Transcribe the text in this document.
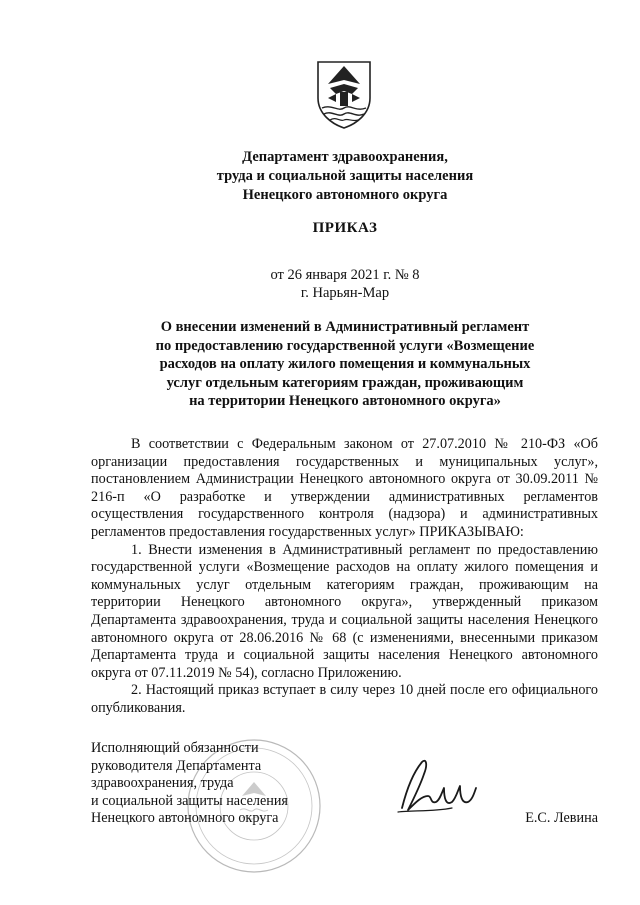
Департамент здравоохранения,
труда и социальной защиты населения
Ненецкого автономного округа
ПРИКАЗ
от 26 января 2021 г. № 8
г. Нарьян-Мар
О внесении изменений в Административный регламент
по предоставлению государственной услуги «Возмещение
расходов на оплату жилого помещения и коммунальных
услуг отдельным категориям граждан, проживающим
на территории Ненецкого автономного округа»

В соответствии с Федеральным законом от 27.07.2010 № 210-ФЗ «Об организации предоставления государственных и муниципальных услуг», постановлением Администрации Ненецкого автономного округа от 30.09.2011 № 216-п «О разработке и утверждении административных регламентов осуществления государственного контроля (надзора) и административных регламентов предоставления государственных услуг» ПРИКАЗЫВАЮ:

1. Внести изменения в Административный регламент по предоставлению государственной услуги «Возмещение расходов на оплату жилого помещения и коммунальных услуг отдельным категориям граждан, проживающим на территории Ненецкого автономного округа», утвержденный приказом Департамента здравоохранения, труда и социальной защиты населения Ненецкого автономного округа от 28.06.2016 № 68 (с изменениями, внесенными приказом Департамента труда и социальной защиты населения Ненецкого автономного округа от 07.11.2019 № 54), согласно Приложению.

2. Настоящий приказ вступает в силу через 10 дней после его официального опубликования.

Исполняющий обязанности
руководителя Департамента
здравоохранения, труда
и социальной защиты населения
Ненецкого автономного округа	Е.С. Левина
